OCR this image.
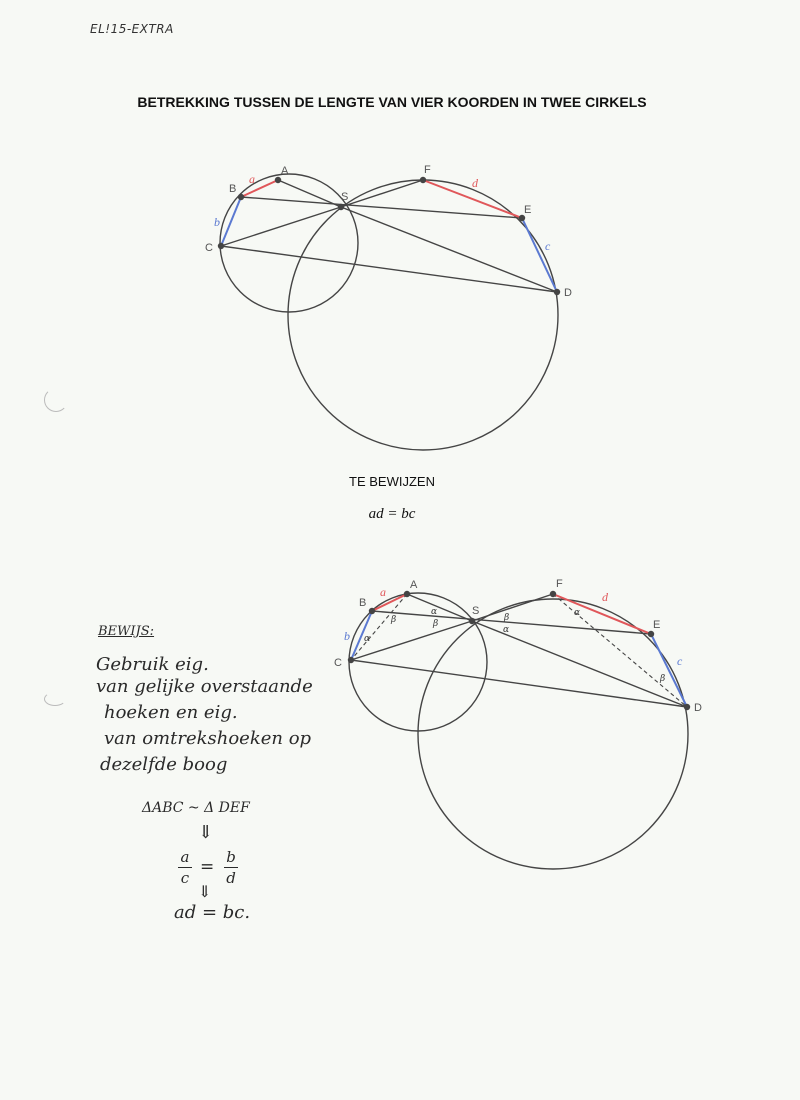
EL!15-EXTRA
BETREKKING TUSSEN DE LENGTE VAN VIER KOORDEN IN TWEE CIRKELS
A
B
C
S
F
E
D
a
b
d
c
TE BEWIJZEN
ad = bc
A
B
C
S
F
E
D
a
b
d
c
β
α
α
β
β
α
α
β
BEWIJS:
Gebruik eig.
van gelijke overstaande
hoeken en eig.
van omtrekshoeken op
dezelfde boog
ΔABC ~ Δ DEF
⇓
a
c
= b
d
⇓
ad = bc.
